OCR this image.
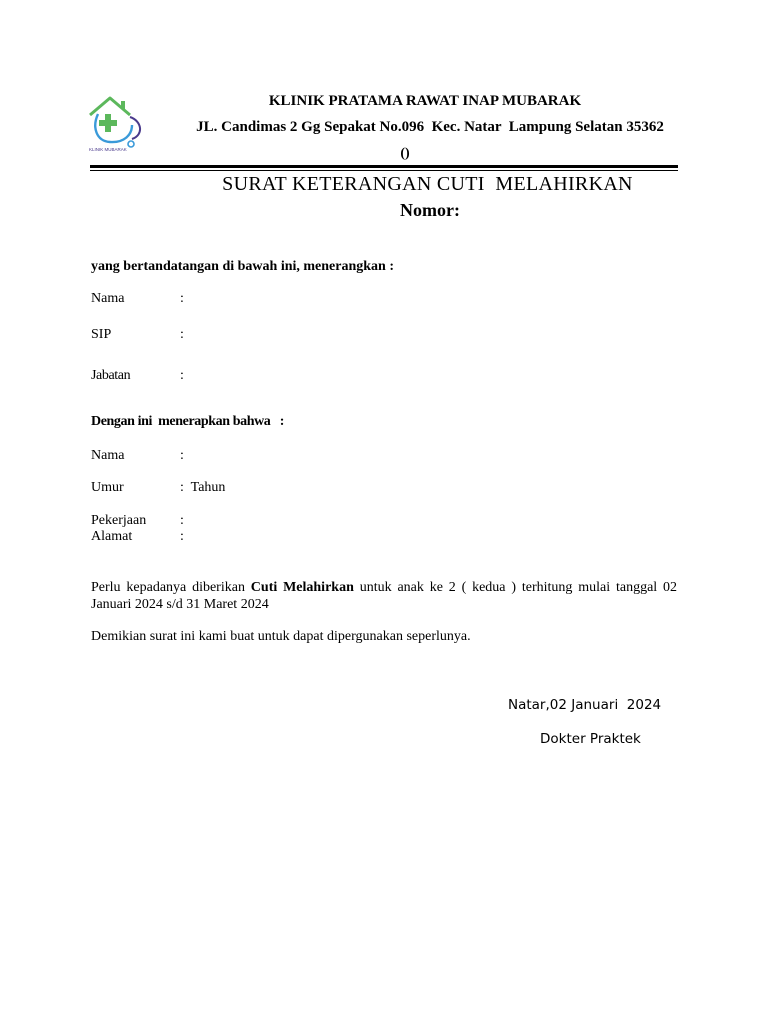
KLINIK MUBARAK
KLINIK PRATAMA RAWAT INAP MUBARAK
JL. Candimas 2 Gg Sepakat No.096  Kec. Natar  Lampung Selatan 35362
()
SURAT KETERANGAN CUTI  MELAHIRKAN
Nomor:
yang bertandatangan di bawah ini, menerangkan :
Nama	:
SIP	:
Jabatan	:
Dengan ini  menerapkan bahwa   :
Nama	:
Umur	:  Tahun
Pekerjaan :
Alamat	:
Perlu kepadanya diberikan Cuti Melahirkan untuk anak ke 2 ( kedua ) terhitung mulai tanggal 02 Januari 2024 s/d 31 Maret 2024
Demikian surat ini kami buat untuk dapat dipergunakan seperlunya.
Natar,02 Januari  2024
Dokter Praktek
